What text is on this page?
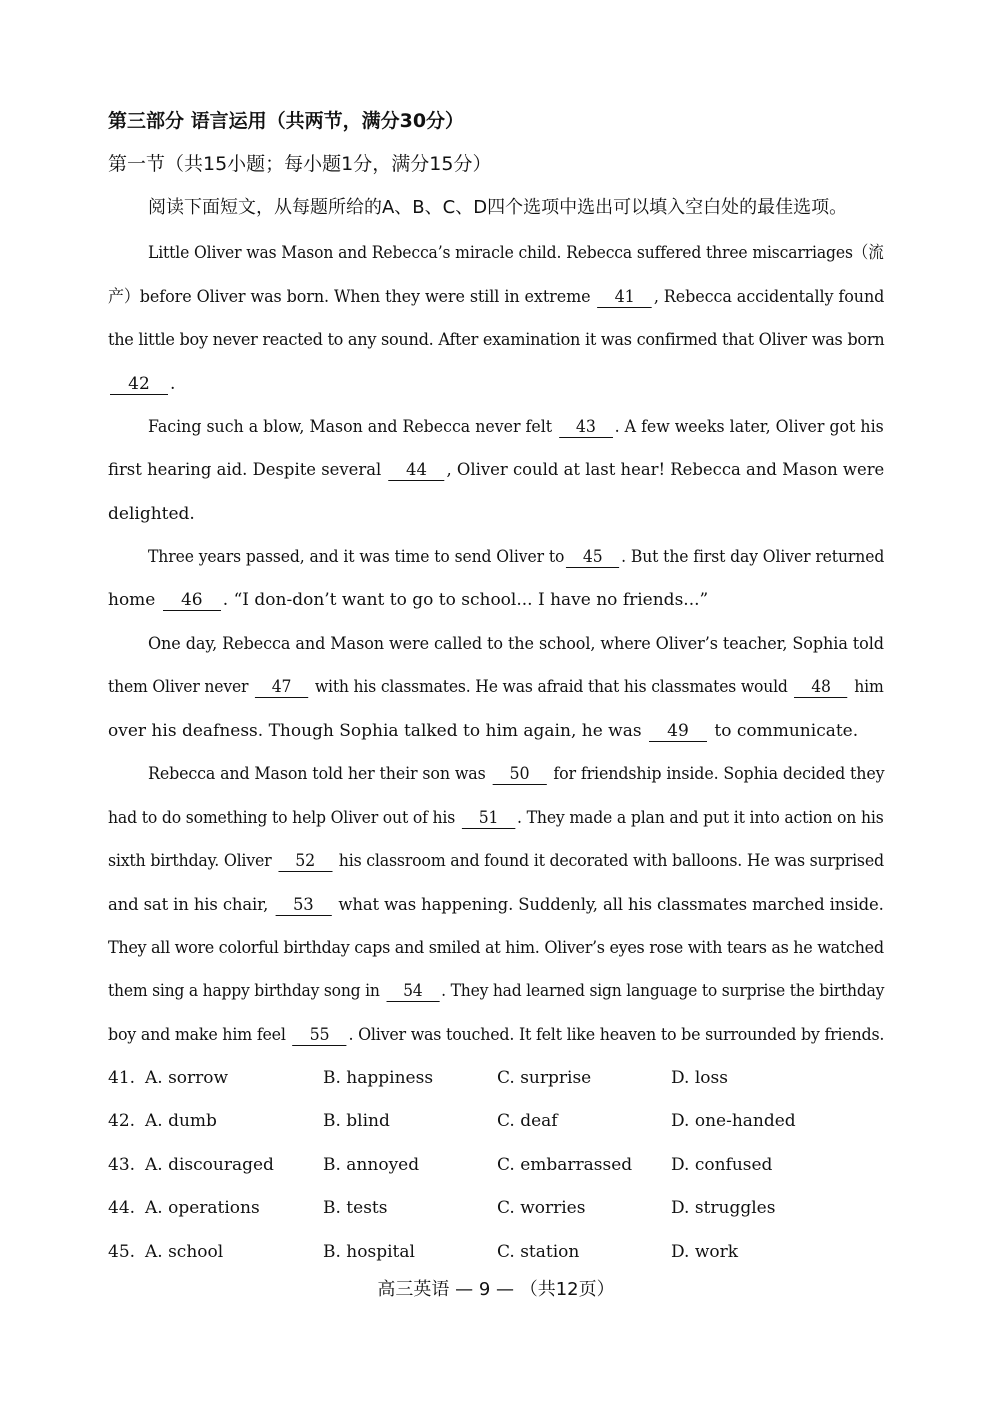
第三部分 语言运用（共两节，满分30分）
第一节（共15小题；每小题1分，满分15分）
阅读下面短文，从每题所给的A、B、C、D四个选项中选出可以填入空白处的最佳选项。
Little Oliver was Mason and Rebecca’s miracle child. Rebecca suffered three miscarriages（流
产）before Oliver was born. When they were still in extreme 41 , Rebecca accidentally found
the little boy never reacted to any sound. After examination it was confirmed that Oliver was born
42 .
Facing such a blow, Mason and Rebecca never felt 43 . A few weeks later, Oliver got his
first hearing aid. Despite several 44 , Oliver could at last hear! Rebecca and Mason were
delighted.
Three years passed, and it was time to send Oliver to 45 . But the first day Oliver returned
home 46 . “I don-don’t want to go to school... I have no friends...”
One day, Rebecca and Mason were called to the school, where Oliver’s teacher, Sophia told
them Oliver never 47 with his classmates. He was afraid that his classmates would 48 him
over his deafness. Though Sophia talked to him again, he was 49 to communicate.
Rebecca and Mason told her their son was 50 for friendship inside. Sophia decided they
had to do something to help Oliver out of his 51 . They made a plan and put it into action on his
sixth birthday. Oliver 52 his classroom and found it decorated with balloons. He was surprised
and sat in his chair, 53 what was happening. Suddenly, all his classmates marched inside.
They all wore colorful birthday caps and smiled at him. Oliver’s eyes rose with tears as he watched
them sing a happy birthday song in 54 . They had learned sign language to surprise the birthday
boy and make him feel 55 . Oliver was touched. It felt like heaven to be surrounded by friends.
41. A. sorrow	B. happiness	C. surprise	D. loss
42. A. dumb	B. blind	C. deaf	D. one-handed
43. A. discouraged	B. annoyed	C. embarrassed D. confused
44. A. operations	B. tests	C. worries	D. struggles
45. A. school	B. hospital	C. station	D. work
高三英语 — 9 — （共12页）
